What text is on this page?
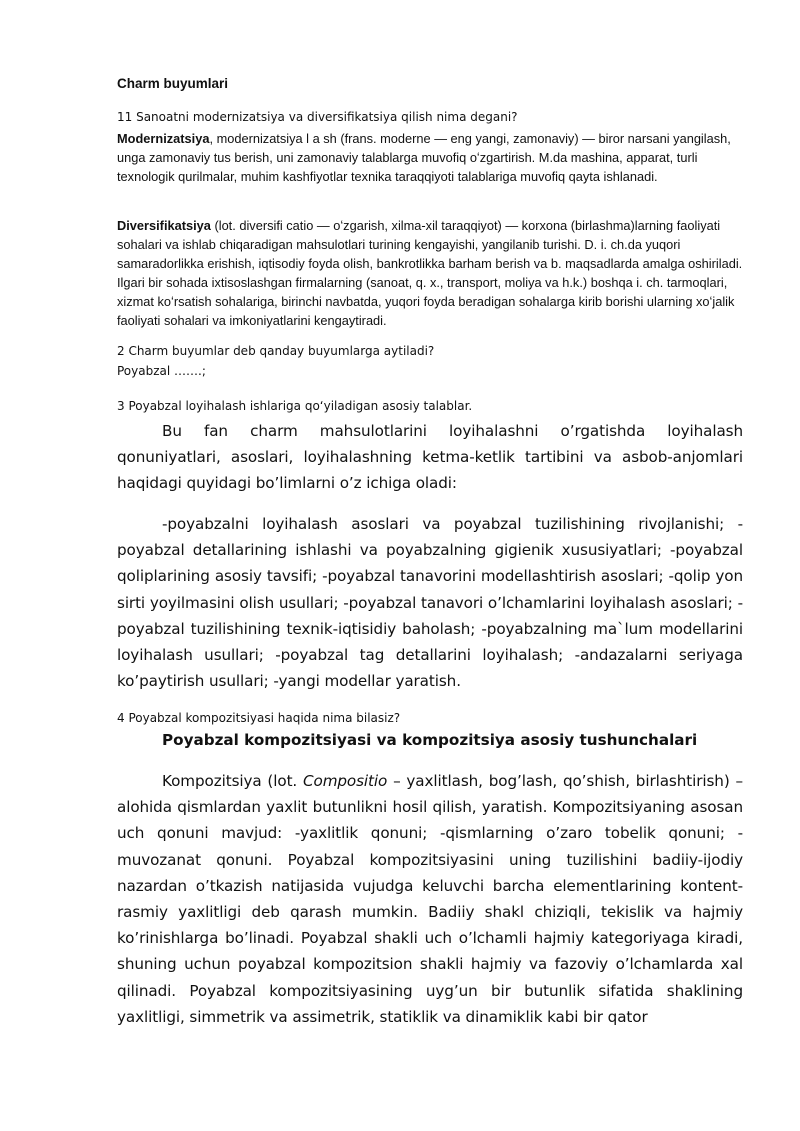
Charm buyumlari
11 Sanoatni modernizatsiya va diversifikatsiya qilish nima degani?
Modernizatsiya, modernizatsiya l a sh (frans. moderne — eng yangi, zamonaviy) — biror narsani yangilash, unga zamonaviy tus berish, uni zamonaviy talablarga muvofiq oʻzgartirish. M.da mashina, apparat, turli texnologik qurilmalar, muhim kashfiyotlar texnika taraqqiyoti talablariga muvofiq qayta ishlanadi.
Diversifikatsiya (lot. diversifi catio — oʻzgarish, xilma-xil taraqqiyot) — korxona (birlashma)larning faoliyati sohalari va ishlab chiqaradigan mahsulotlari turining kengayishi, yangilanib turishi. D. i. ch.da yuqori samaradorlikka erishish, iqtisodiy foyda olish, bankrotlikka barham berish va b. maqsadlarda amalga oshiriladi. Ilgari bir sohada ixtisoslashgan firmalarning (sanoat, q. x., transport, moliya va h.k.) boshqa i. ch. tarmoqlari, xizmat koʻrsatish sohalariga, birinchi navbatda, yuqori foyda beradigan sohalarga kirib borishi ularning xoʻjalik faoliyati sohalari va imkoniyatlarini kengaytiradi.
2 Charm buyumlar deb qanday buyumlarga aytiladi?
Poyabzal …….;
3 Poyabzal loyihalash ishlariga qoʻyiladigan asosiy talablar.
Bu fan charm mahsulotlarini loyihalashni o’rgatishda loyihalash qonuniyatlari, asoslari, loyihalashning ketma-ketlik tartibini va asbob-anjomlari haqidagi quyidagi bo’limlarni o’z ichiga oladi:
-poyabzalni loyihalash asoslari va poyabzal tuzilishining rivojlanishi; -poyabzal detallarining ishlashi va poyabzalning gigienik xususiyatlari; -poyabzal qoliplarining asosiy tavsifi; -poyabzal tanavorini modellashtirish asoslari; -qolip yon sirti yoyilmasini olish usullari; -poyabzal tanavori o’lchamlarini loyihalash asoslari; -poyabzal tuzilishining texnik-iqtisidiy baholash; -poyabzalning ma`lum modellarini loyihalash usullari; -poyabzal tag detallarini loyihalash; -andazalarni seriyaga ko’paytirish usullari; -yangi modellar yaratish.
4 Poyabzal kompozitsiyasi haqida nima bilasiz?
Poyabzal kompozitsiyasi va kompozitsiya asosiy tushunchalari
Kompozitsiya (lot. Compositio – yaxlitlash, bog’lash, qo’shish, birlashtirish) – alohida qismlardan yaxlit butunlikni hosil qilish, yaratish. Kompozitsiyaning asosan uch qonuni mavjud: -yaxlitlik qonuni; -qismlarning o’zaro tobelik qonuni; -muvozanat qonuni. Poyabzal kompozitsiyasini uning tuzilishini badiiy-ijodiy nazardan o’tkazish natijasida vujudga keluvchi barcha elementlarining kontent-rasmiy yaxlitligi deb qarash mumkin. Badiiy shakl chiziqli, tekislik va hajmiy ko’rinishlarga bo’linadi. Poyabzal shakli uch o’lchamli hajmiy kategoriyaga kiradi, shuning uchun poyabzal kompozitsion shakli hajmiy va fazoviy o’lchamlarda xal qilinadi. Poyabzal kompozitsiyasining uyg’un bir butunlik sifatida shaklining yaxlitligi, simmetrik va assimetrik, statiklik va dinamiklik kabi bir qator
